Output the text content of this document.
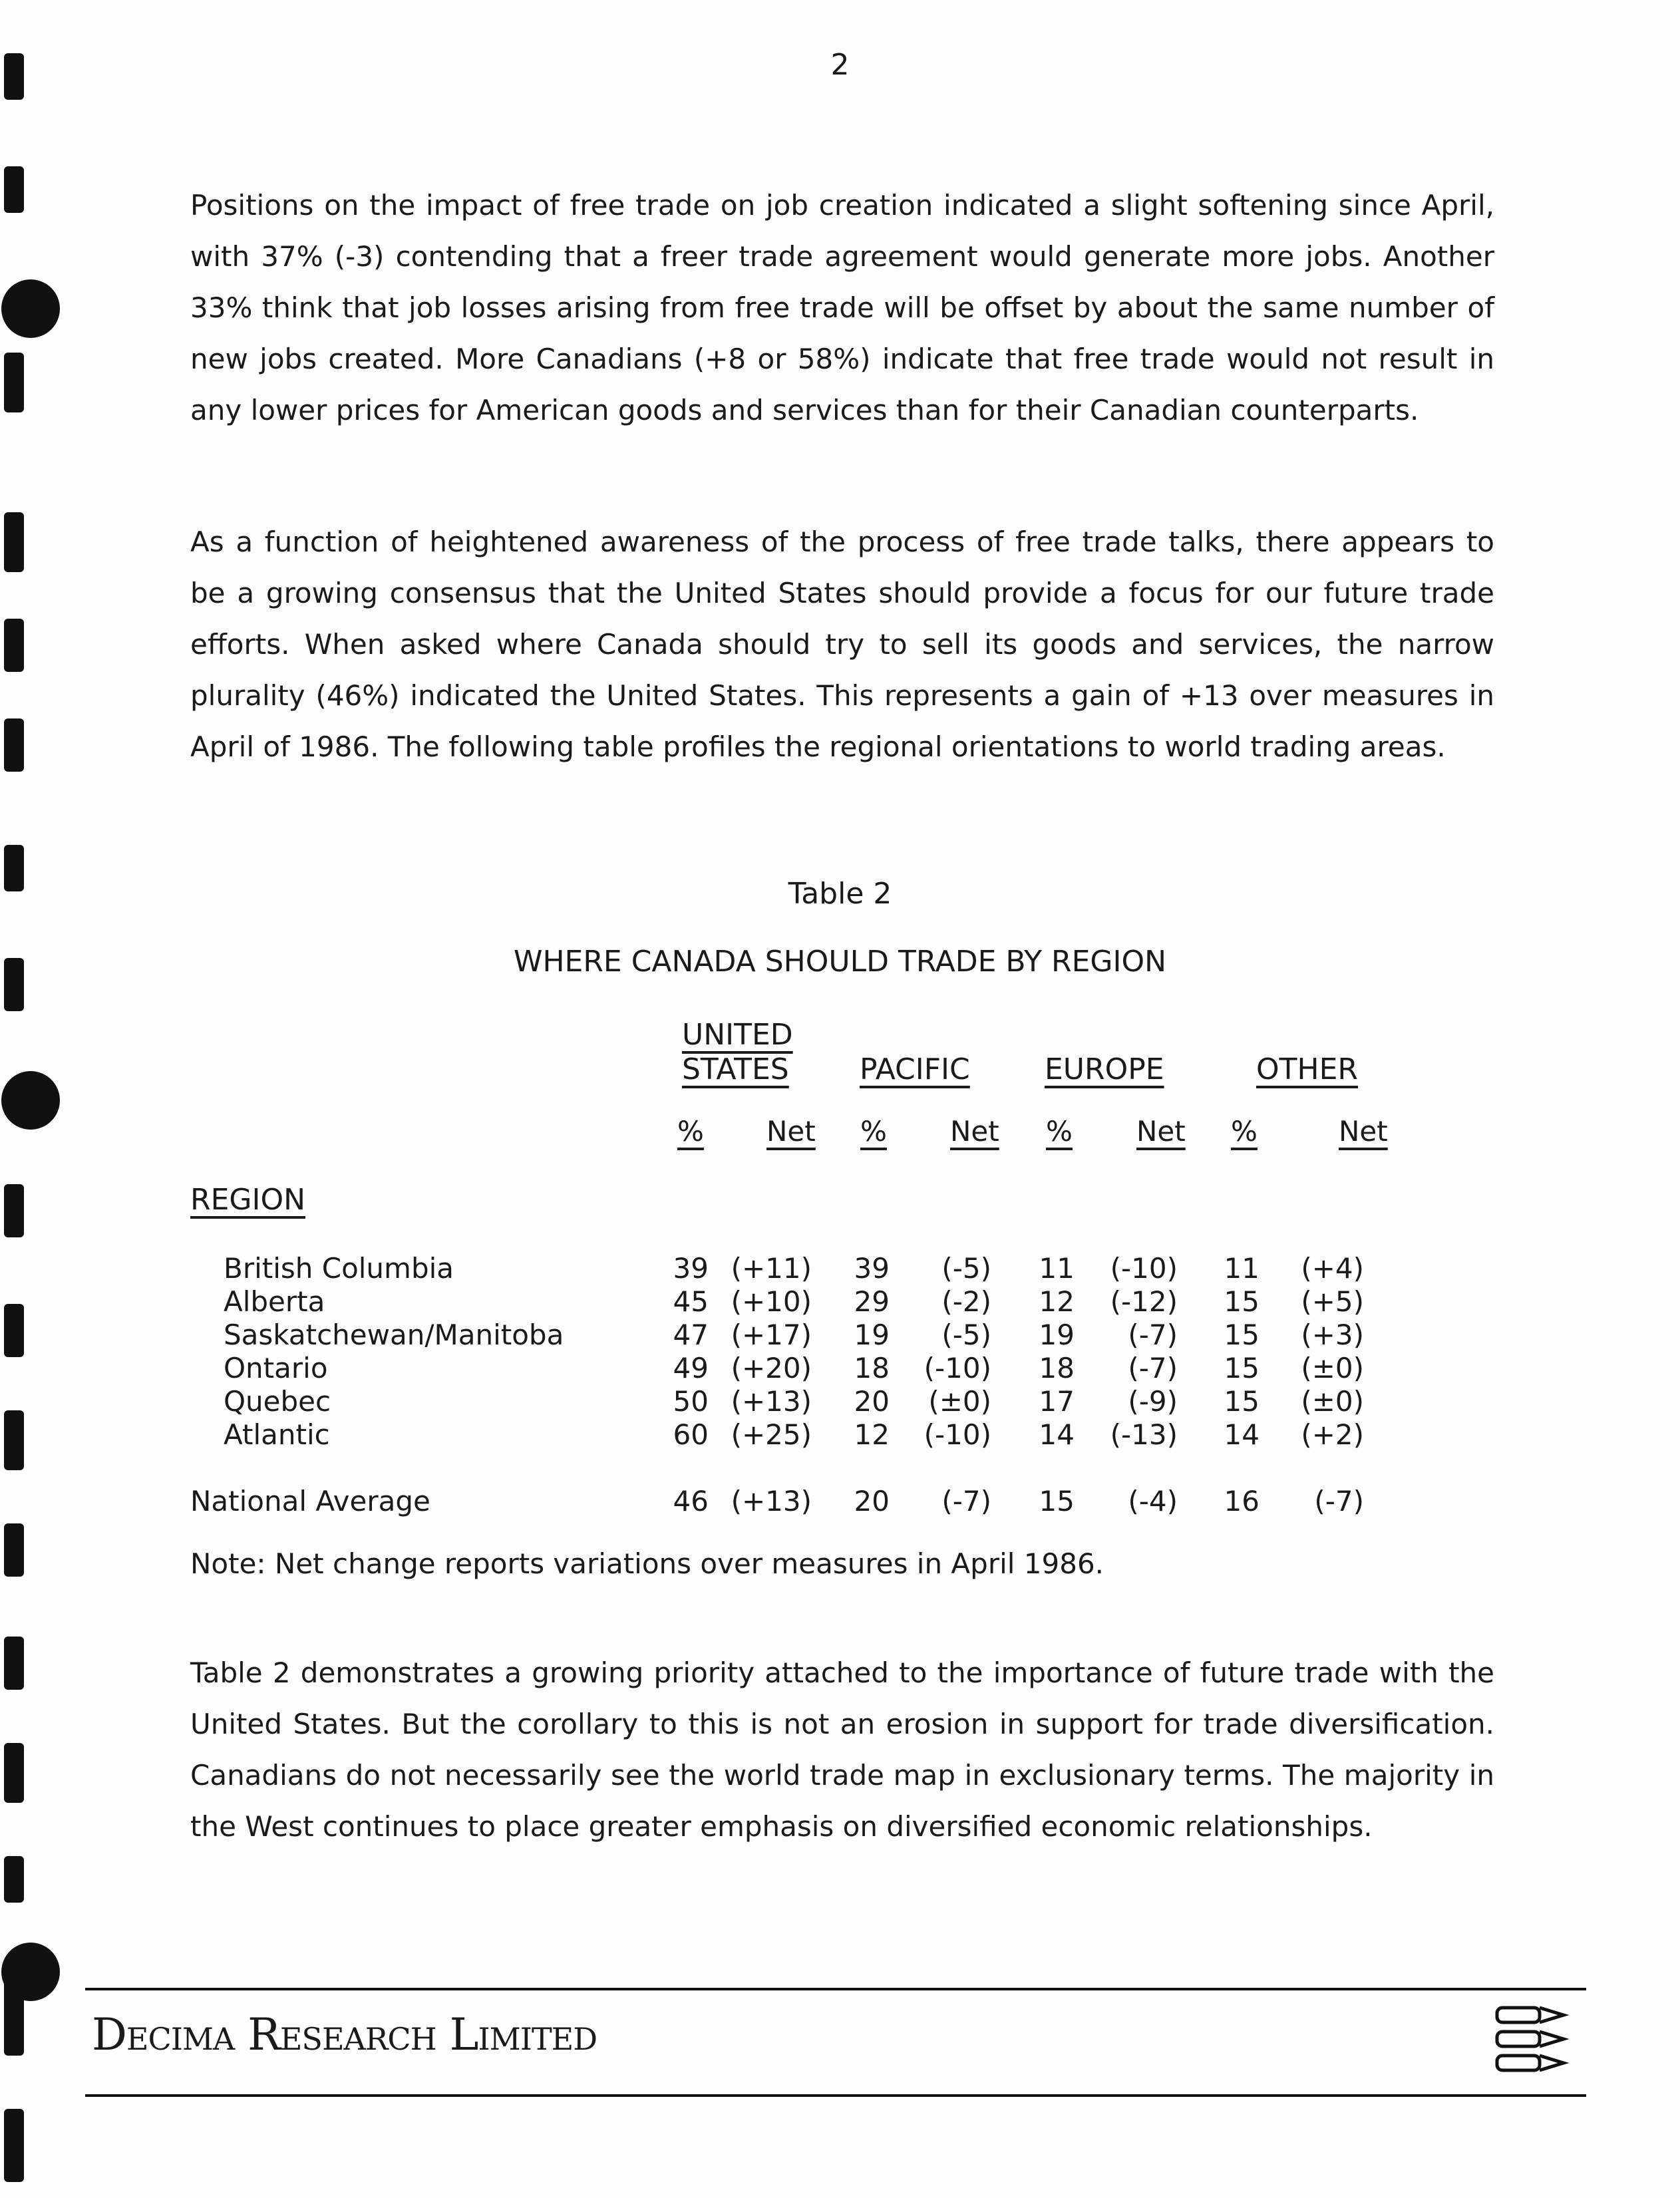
2

Positions on the impact of free trade on job creation indicated a slight softening since April, with 37% (-3) contending that a freer trade agreement would generate more jobs. Another 33% think that job losses arising from free trade will be offset by about the same number of new jobs created. More Canadians (+8 or 58%) indicate that free trade would not result in any lower prices for American goods and services than for their Canadian counterparts.

As a function of heightened awareness of the process of free trade talks, there appears to be a growing consensus that the United States should provide a focus for our future trade efforts. When asked where Canada should try to sell its goods and services, the narrow plurality (46%) indicated the United States. This represents a gain of +13 over measures in April of 1986. The following table profiles the regional orientations to world trading areas.

Table 2
WHERE CANADA SHOULD TRADE BY REGION
UNITED
STATES PACIFIC	EUROPE	OTHER
% Net % Net % Net %	Net
REGION
British Columbia	39 (+11)	39	(-5)	11	(-10)	11	(+4)
Alberta	45 (+10)	29	(-2)	12	(-12)	15	(+5)
Saskatchewan/Manitoba	47 (+17)	19	(-5)	19	(-7)	15	(+3)
Ontario	49 (+20)	18	(-10)	18	(-7)	15	(±0)
Quebec	50 (+13)	20	(±0)	17	(-9)	15	(±0)
Atlantic	60 (+25)	12	(-10)	14	(-13)	14	(+2)
National Average	46 (+13)	20	(-7)	15	(-4)	16	(-7)
Note: Net change reports variations over measures in April 1986.

Table 2 demonstrates a growing priority attached to the importance of future trade with the United States. But the corollary to this is not an erosion in support for trade diversification. Canadians do not necessarily see the world trade map in exclusionary terms. The majority in the West continues to place greater emphasis on diversified economic relationships.

Decima Research Limited
